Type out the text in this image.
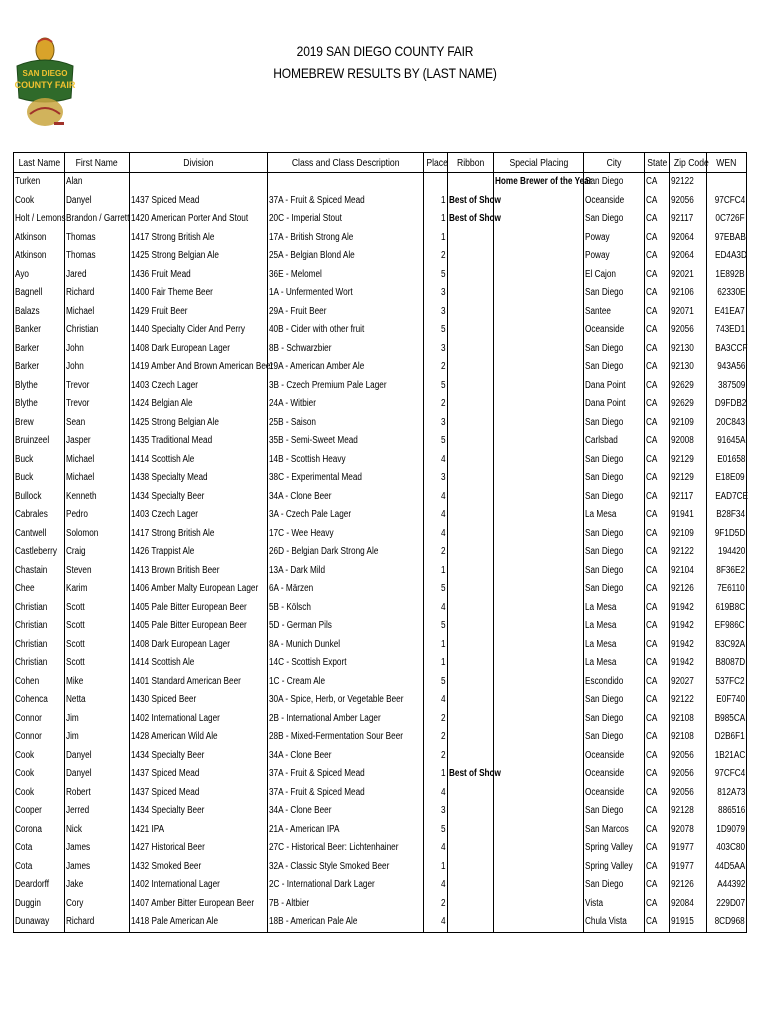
SAN DIEGO
COUNTY FAIR
2019 SAN DIEGO COUNTY FAIR
HOMEBREW RESULTS BY (LAST NAME)
Last Name	First Name	Division	Class and Class Description	Place	Ribbon	Special Placing	City	State	Zip Code	WEN
Turken	Alan					Home Brewer of the Year	San Diego	CA	92122	
Cook	Danyel	1437 Spiced Mead	37A - Fruit & Spiced Mead	1	Best of Show		Oceanside	CA	92056	97CFC4
Holt / Lemons	Brandon / Garrett	1420 American Porter And Stout	20C - Imperial Stout	1	Best of Show		San Diego	CA	92117	0C726F
Atkinson	Thomas	1417 Strong British Ale	17A - British Strong Ale	1			Poway	CA	92064	97EBAB
Atkinson	Thomas	1425 Strong Belgian Ale	25A - Belgian Blond Ale	2			Poway	CA	92064	ED4A3D
Ayo	Jared	1436 Fruit Mead	36E - Melomel	5			El Cajon	CA	92021	1E892B
Bagnell	Richard	1400 Fair Theme Beer	1A - Unfermented Wort	3			San Diego	CA	92106	62330E
Balazs	Michael	1429 Fruit Beer	29A - Fruit Beer	3			Santee	CA	92071	E41EA7
Banker	Christian	1440 Specialty Cider And Perry	40B - Cider with other fruit	5			Oceanside	CA	92056	743ED1
Barker	John	1408 Dark European Lager	8B - Schwarzbier	3			San Diego	CA	92130	BA3CCF
Barker	John	1419 Amber And Brown American Beer	19A - American Amber Ale	2			San Diego	CA	92130	943A56
Blythe	Trevor	1403 Czech Lager	3B - Czech Premium Pale Lager	5			Dana Point	CA	92629	387509
Blythe	Trevor	1424 Belgian Ale	24A - Witbier	2			Dana Point	CA	92629	D9FDB2
Brew	Sean	1425 Strong Belgian Ale	25B - Saison	3			San Diego	CA	92109	20C843
Bruinzeel	Jasper	1435 Traditional Mead	35B - Semi-Sweet Mead	5			Carlsbad	CA	92008	91645A
Buck	Michael	1414 Scottish Ale	14B - Scottish Heavy	4			San Diego	CA	92129	E01658
Buck	Michael	1438 Specialty Mead	38C - Experimental Mead	3			San Diego	CA	92129	E18E09
Bullock	Kenneth	1434 Specialty Beer	34A - Clone Beer	4			San Diego	CA	92117	EAD7CE
Cabrales	Pedro	1403 Czech Lager	3A - Czech Pale Lager	4			La Mesa	CA	91941	B28F34
Cantwell	Solomon	1417 Strong British Ale	17C - Wee Heavy	4			San Diego	CA	92109	9F1D5D
Castleberry	Craig	1426 Trappist Ale	26D - Belgian Dark Strong Ale	2			San Diego	CA	92122	194420
Chastain	Steven	1413 Brown British Beer	13A - Dark Mild	1			San Diego	CA	92104	8F36E2
Chee	Karim	1406 Amber Malty European Lager	6A - Märzen	5			San Diego	CA	92126	7E6110
Christian	Scott	1405 Pale Bitter European Beer	5B - Kölsch	4			La Mesa	CA	91942	619B8C
Christian	Scott	1405 Pale Bitter European Beer	5D - German Pils	5			La Mesa	CA	91942	EF986C
Christian	Scott	1408 Dark European Lager	8A - Munich Dunkel	1			La Mesa	CA	91942	83C92A
Christian	Scott	1414 Scottish Ale	14C - Scottish Export	1			La Mesa	CA	91942	B8087D
Cohen	Mike	1401 Standard American Beer	1C - Cream Ale	5			Escondido	CA	92027	537FC2
Cohenca	Netta	1430 Spiced Beer	30A - Spice, Herb, or Vegetable Beer	4			San Diego	CA	92122	E0F740
Connor	Jim	1402 International Lager	2B - International Amber Lager	2			San Diego	CA	92108	B985CA
Connor	Jim	1428 American Wild Ale	28B - Mixed-Fermentation Sour Beer	2			San Diego	CA	92108	D2B6F1
Cook	Danyel	1434 Specialty Beer	34A - Clone Beer	2			Oceanside	CA	92056	1B21AC
Cook	Danyel	1437 Spiced Mead	37A - Fruit & Spiced Mead	1	Best of Show		Oceanside	CA	92056	97CFC4
Cook	Robert	1437 Spiced Mead	37A - Fruit & Spiced Mead	4			Oceanside	CA	92056	812A73
Cooper	Jerred	1434 Specialty Beer	34A - Clone Beer	3			San Diego	CA	92128	886516
Corona	Nick	1421 IPA	21A - American IPA	5			San Marcos	CA	92078	1D9079
Cota	James	1427 Historical Beer	27C - Historical Beer: Lichtenhainer	4			Spring Valley	CA	91977	403C80
Cota	James	1432 Smoked Beer	32A - Classic Style Smoked Beer	1			Spring Valley	CA	91977	44D5AA
Deardorff	Jake	1402 International Lager	2C - International Dark Lager	4			San Diego	CA	92126	A44392
Duggin	Cory	1407 Amber Bitter European Beer	7B - Altbier	2			Vista	CA	92084	229D07
Dunaway	Richard	1418 Pale American Ale	18B - American Pale Ale	4			Chula Vista	CA	91915	8CD968
